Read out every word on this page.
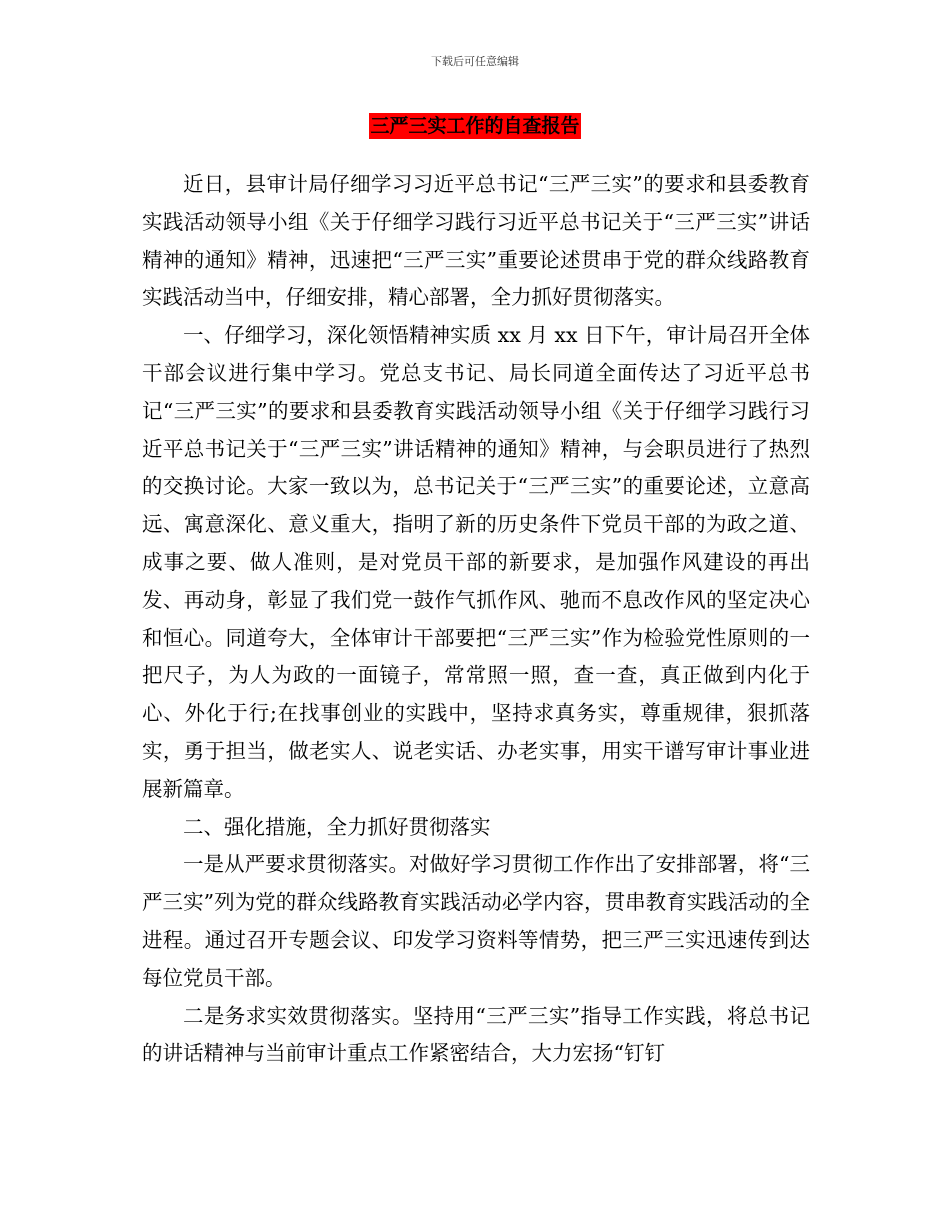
下载后可任意编辑
三严三实工作的自查报告

近日，县审计局仔细学习习近平总书记“三严三实”的要求和县委教育实践活动领导小组《关于仔细学习践行习近平总书记关于“三严三实”讲话精神的通知》精神，迅速把“三严三实”重要论述贯串于党的群众线路教育实践活动当中，仔细安排，精心部署，全力抓好贯彻落实。

一、仔细学习，深化领悟精神实质 xx 月 xx 日下午，审计局召开全体干部会议进行集中学习。党总支书记、局长同道全面传达了习近平总书记“三严三实”的要求和县委教育实践活动领导小组《关于仔细学习践行习近平总书记关于“三严三实”讲话精神的通知》精神，与会职员进行了热烈的交换讨论。大家一致以为，总书记关于“三严三实”的重要论述，立意高远、寓意深化、意义重大，指明了新的历史条件下党员干部的为政之道、成事之要、做人准则，是对党员干部的新要求，是加强作风建设的再出发、再动身，彰显了我们党一鼓作气抓作风、驰而不息改作风的坚定决心和恒心。同道夸大，全体审计干部要把“三严三实”作为检验党性原则的一把尺子，为人为政的一面镜子，常常照一照，查一查，真正做到内化于心、外化于行;在找事创业的实践中，坚持求真务实，尊重规律，狠抓落实，勇于担当，做老实人、说老实话、办老实事，用实干谱写审计事业进展新篇章。

二、强化措施，全力抓好贯彻落实

一是从严要求贯彻落实。对做好学习贯彻工作作出了安排部署，将“三严三实”列为党的群众线路教育实践活动必学内容，贯串教育实践活动的全进程。通过召开专题会议、印发学习资料等情势，把三严三实迅速传到达每位党员干部。

二是务求实效贯彻落实。坚持用“三严三实”指导工作实践，将总书记的讲话精神与当前审计重点工作紧密结合，大力宏扬“钉钉
